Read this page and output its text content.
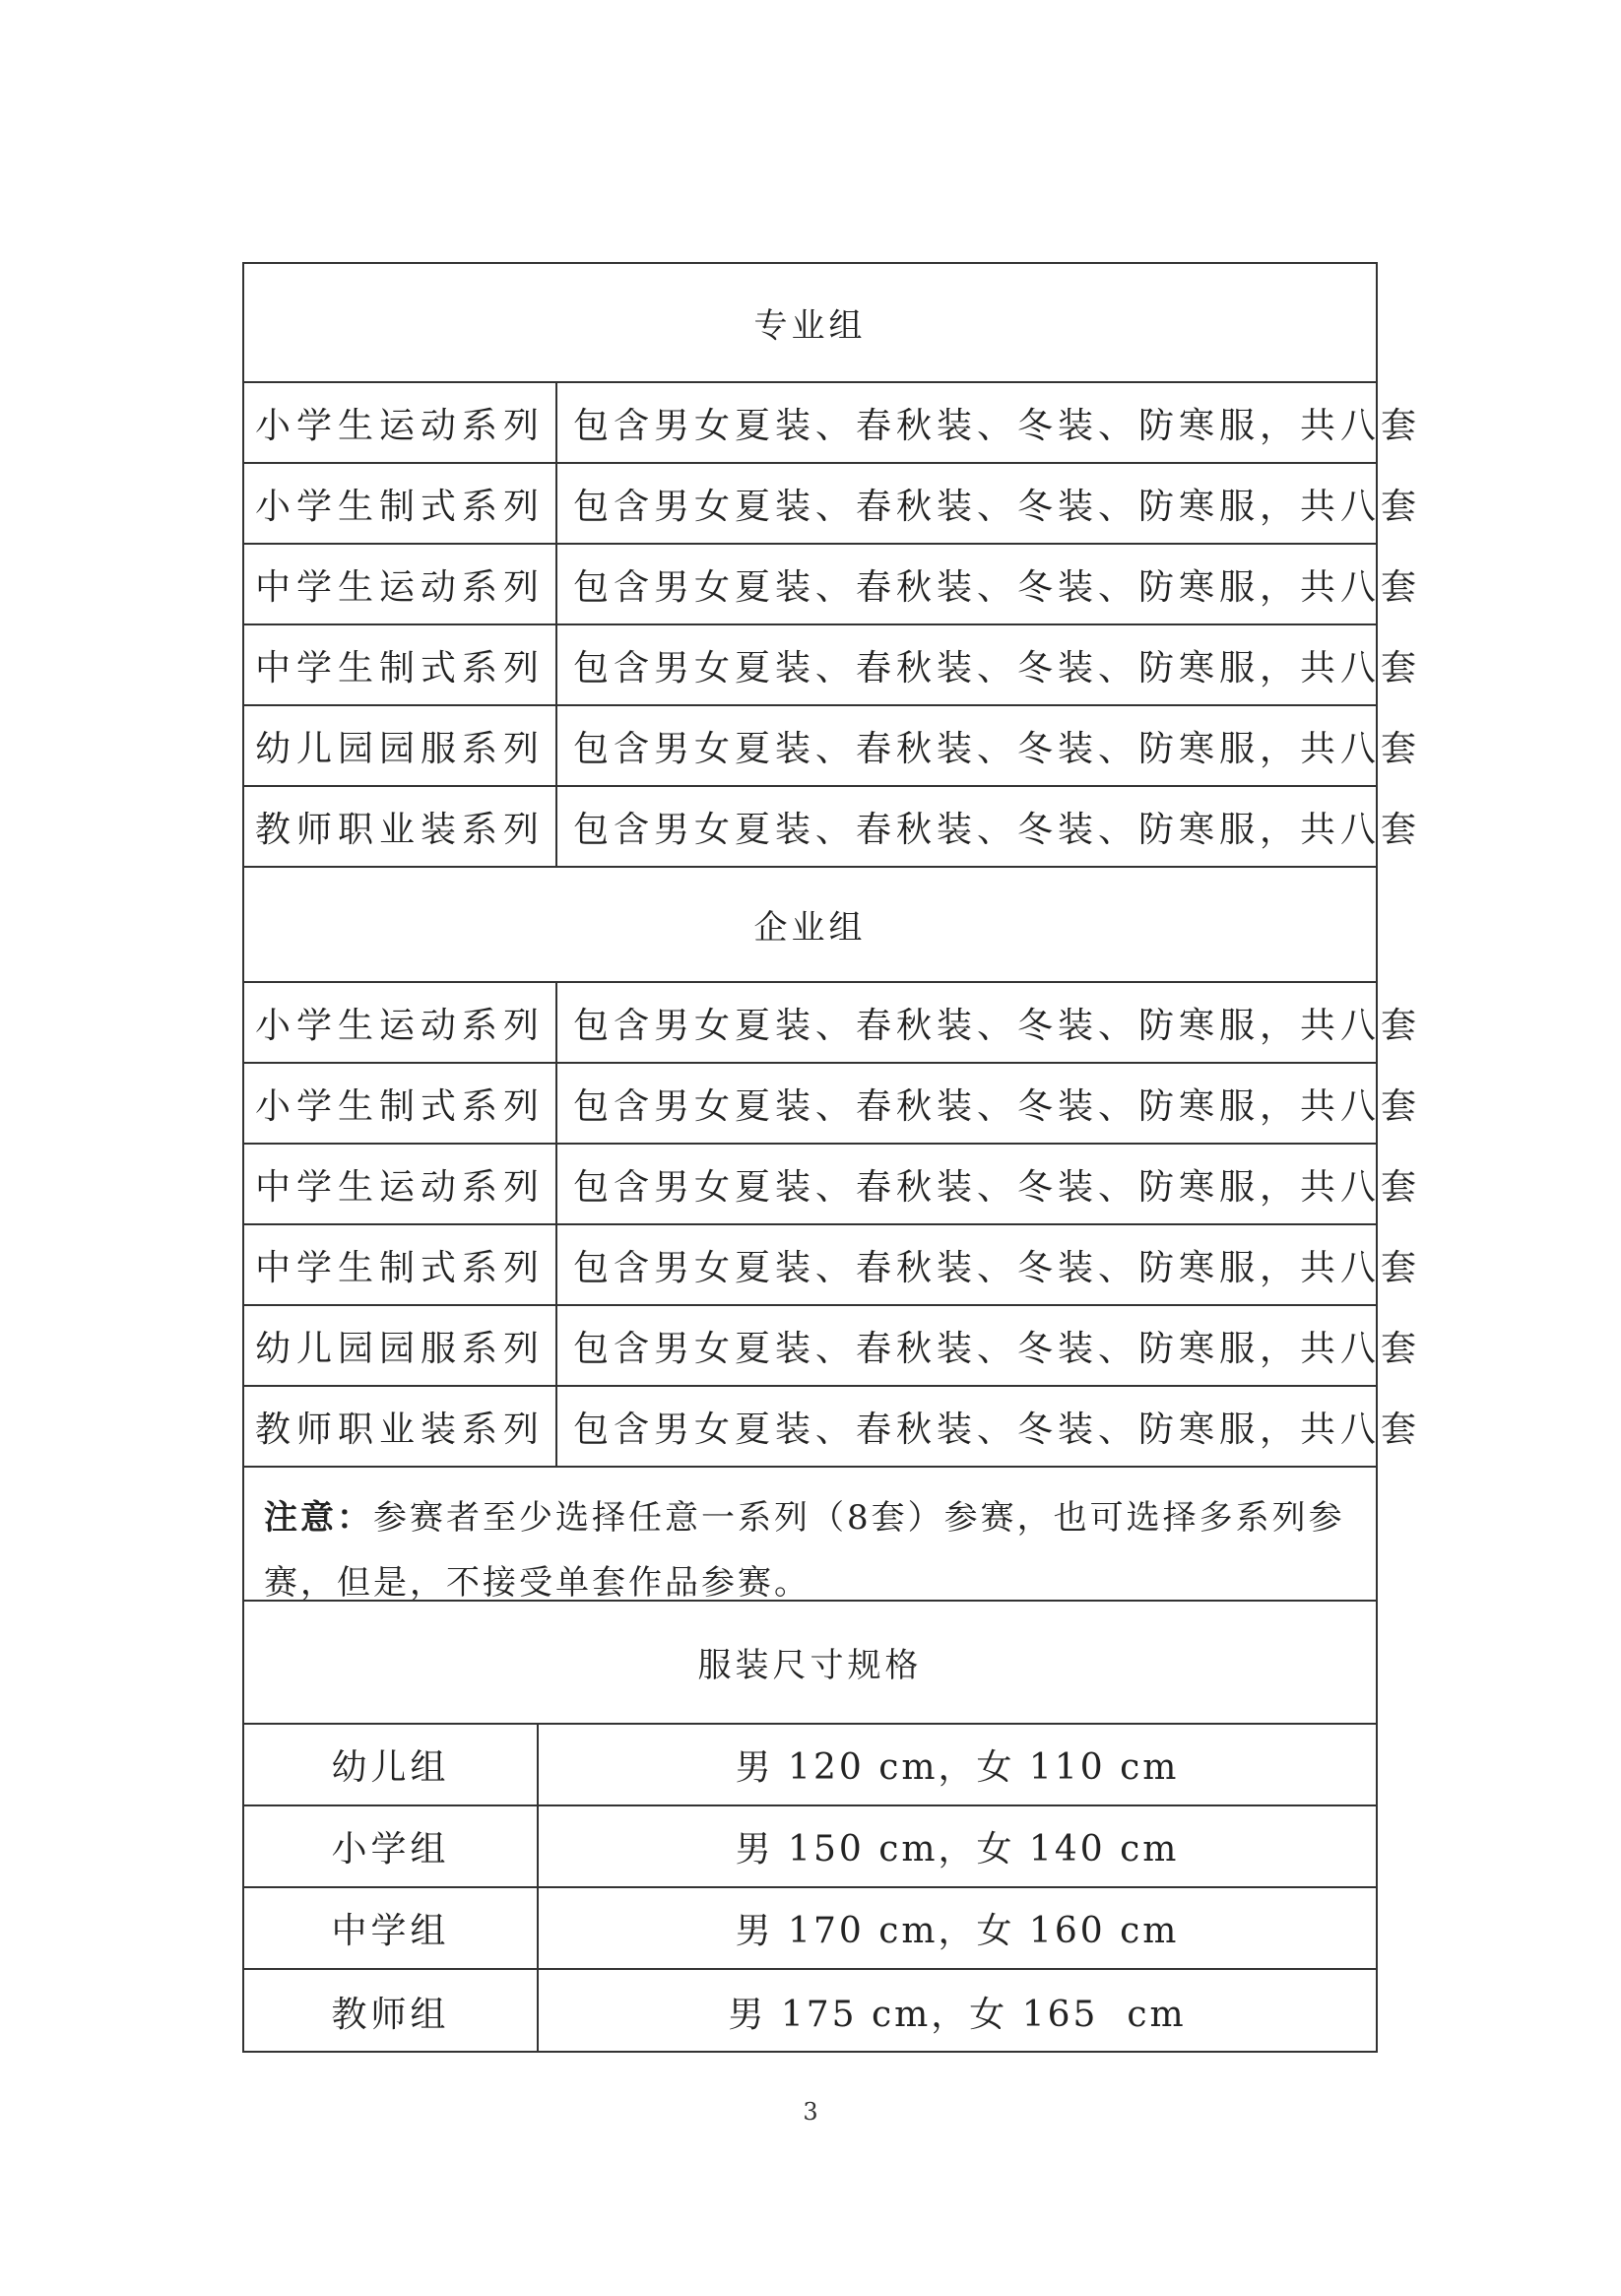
专业组
小学生运动系列 包含男女夏装、春秋装、冬装、防寒服，共八套
小学生制式系列 包含男女夏装、春秋装、冬装、防寒服，共八套
中学生运动系列 包含男女夏装、春秋装、冬装、防寒服，共八套
中学生制式系列 包含男女夏装、春秋装、冬装、防寒服，共八套
幼儿园园服系列 包含男女夏装、春秋装、冬装、防寒服，共八套
教师职业装系列 包含男女夏装、春秋装、冬装、防寒服，共八套
企业组
小学生运动系列 包含男女夏装、春秋装、冬装、防寒服，共八套
小学生制式系列 包含男女夏装、春秋装、冬装、防寒服，共八套
中学生运动系列 包含男女夏装、春秋装、冬装、防寒服，共八套
中学生制式系列 包含男女夏装、春秋装、冬装、防寒服，共八套
幼儿园园服系列 包含男女夏装、春秋装、冬装、防寒服，共八套
教师职业装系列 包含男女夏装、春秋装、冬装、防寒服，共八套
注意：参赛者至少选择任意一系列（8套）参赛，也可选择多系列参赛，但是，不接受单套作品参赛。
服装尺寸规格
幼儿组	男 120 cm，女 110 cm
小学组	男 150 cm，女 140 cm
中学组	男 170 cm，女 160 cm
教师组	男 175 cm，女 165  cm
3
